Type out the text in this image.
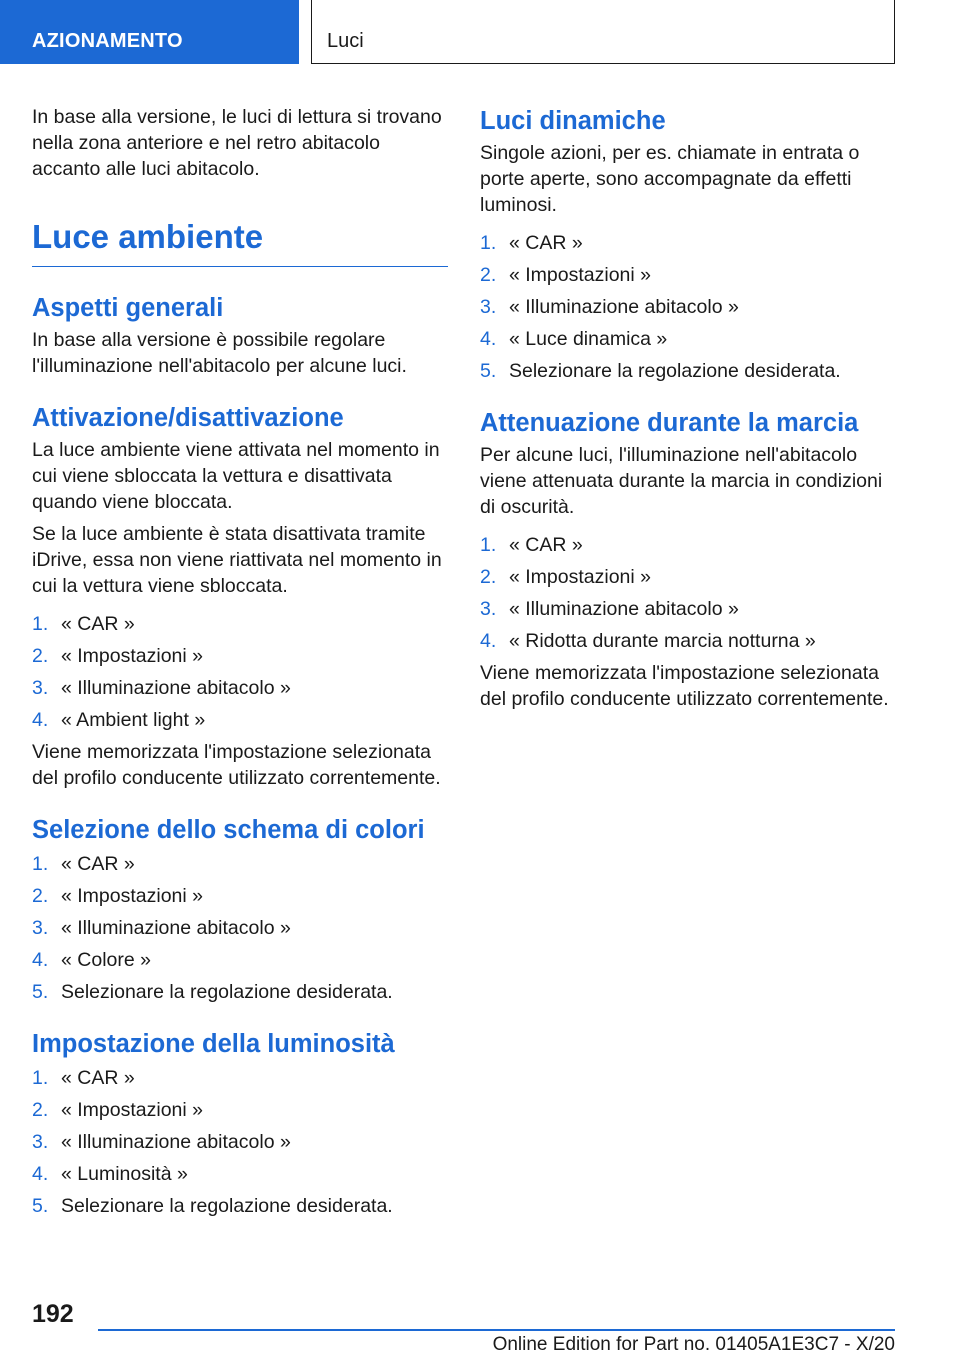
AZIONAMENTO	Luci

In base alla versione, le luci di lettura si trovano nella zona anteriore e nel retro abitacolo accanto alle luci abitacolo.

Luce ambiente
Aspetti generali

In base alla versione è possibile regolare l'illuminazione nell'abitacolo per alcune luci.

Attivazione/disattivazione

La luce ambiente viene attivata nel momento in cui viene sbloccata la vettura e disattivata quando viene bloccata.

Se la luce ambiente è stata disattivata tramite iDrive, essa non viene riattivata nel momento in cui la vettura viene sbloccata.

1. « CAR »
2. « Impostazioni »
3. « Illuminazione abitacolo »
4. « Ambient light »

Viene memorizzata l'impostazione selezionata del profilo conducente utilizzato correntemente.

Selezione dello schema di colori
1. « CAR »
2. « Impostazioni »
3. « Illuminazione abitacolo »
4. « Colore »
5. Selezionare la regolazione desiderata.
Impostazione della luminosità
1. « CAR »
2. « Impostazioni »
3. « Illuminazione abitacolo »
4. « Luminosità »
5. Selezionare la regolazione desiderata.
Luci dinamiche

Singole azioni, per es. chiamate in entrata o porte aperte, sono accompagnate da effetti luminosi.

1. « CAR »
2. « Impostazioni »
3. « Illuminazione abitacolo »
4. « Luce dinamica »
5. Selezionare la regolazione desiderata.
Attenuazione durante la marcia

Per alcune luci, l'illuminazione nell'abitacolo viene attenuata durante la marcia in condizioni di oscurità.

1. « CAR »
2. « Impostazioni »
3. « Illuminazione abitacolo »
4. « Ridotta durante marcia notturna »

Viene memorizzata l'impostazione selezionata del profilo conducente utilizzato correntemente.

192
Online Edition for Part no. 01405A1E3C7 - X/20
